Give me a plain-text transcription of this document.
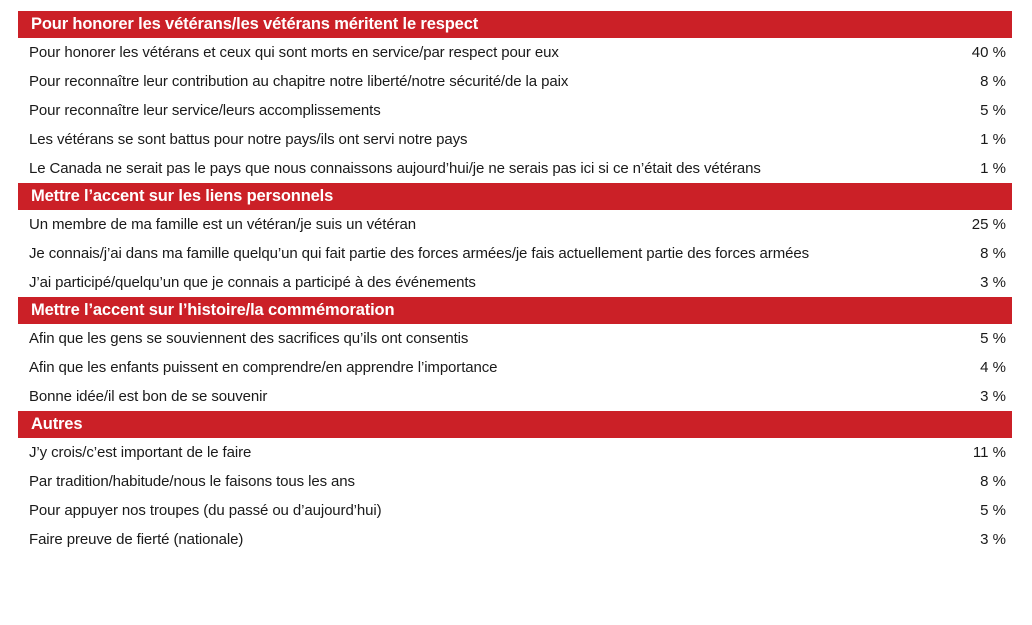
Pour honorer les vétérans/les vétérans méritent le respect
Pour honorer les vétérans et ceux qui sont morts en service/par respect pour eux	40 %
Pour reconnaître leur contribution au chapitre notre liberté/notre sécurité/de la paix	8 %
Pour reconnaître leur service/leurs accomplissements	5 %
Les vétérans se sont battus pour notre pays/ils ont servi notre pays	1 %
Le Canada ne serait pas le pays que nous connaissons aujourd’hui/je ne serais pas ici si ce n’était des vétérans	1 %
Mettre l’accent sur les liens personnels
Un membre de ma famille est un vétéran/je suis un vétéran	25 %
Je connais/j’ai dans ma famille quelqu’un qui fait partie des forces armées/je fais actuellement partie des forces armées	8 %
J’ai participé/quelqu’un que je connais a participé à des événements	3 %
Mettre l’accent sur l’histoire/la commémoration
Afin que les gens se souviennent des sacrifices qu’ils ont consentis	5 %
Afin que les enfants puissent en comprendre/en apprendre l’importance	4 %
Bonne idée/il est bon de se souvenir	3 %
Autres
J’y crois/c’est important de le faire	11 %
Par tradition/habitude/nous le faisons tous les ans	8 %
Pour appuyer nos troupes (du passé ou d’aujourd’hui)	5 %
Faire preuve de fierté (nationale)	3 %
